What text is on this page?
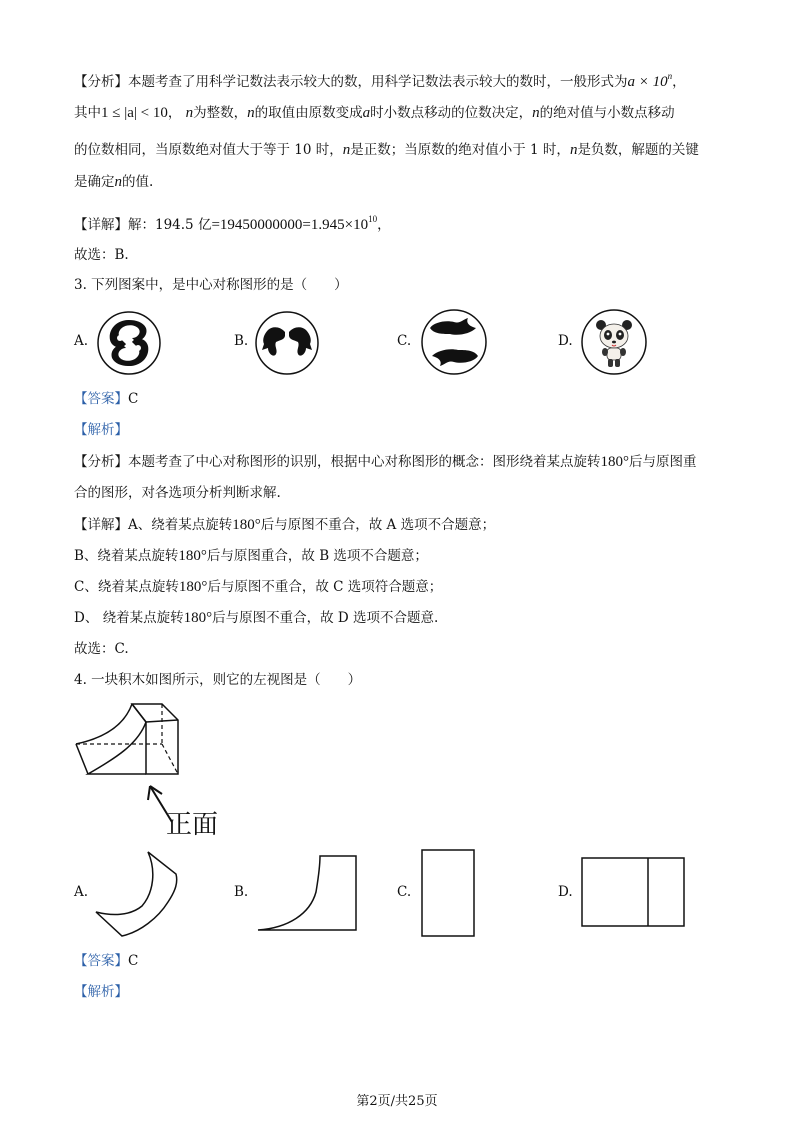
【分析】本题考查了用科学记数法表示较大的数，用科学记数法表示较大的数时，一般形式为$a \times 10^n$，
其中1 ≤ |a| < 10， n为整数，n的取值由原数变成a时小数点移动的位数决定，n的绝对值与小数点移动
的位数相同，当原数绝对值大于等于 10 时，n是正数；当原数的绝对值小于 1 时，n是负数，解题的关键
是确定n的值.
【详解】解：194.5 亿$=19450000000=1.945\times 10^{10}$，
故选：B.
3. 下列图案中，是中心对称图形的是（　　）
A.	B.	C.	D.
【答案】C
【解析】
【分析】本题考查了中心对称图形的识别，根据中心对称图形的概念：图形绕着某点旋转180°后与原图重
合的图形，对各选项分析判断求解.
【详解】A、绕着某点旋转180°后与原图不重合，故 A 选项不合题意；
B、绕着某点旋转180°后与原图重合，故 B 选项不合题意；
C、绕着某点旋转180°后与原图不重合，故 C 选项符合题意；
D、 绕着某点旋转180°后与原图不重合，故 D 选项不合题意.
故选：C.
4. 一块积木如图所示，则它的左视图是（　　）
正面
A.	B.	C.	D.
【答案】C
【解析】
第2页/共25页
